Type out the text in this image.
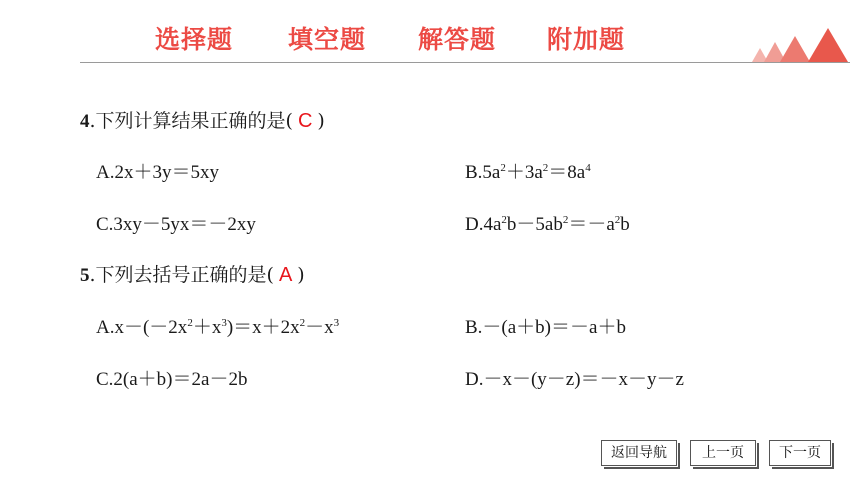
选择题 填空题 解答题 附加题
4.下列计算结果正确的是( C )
A.2x＋3y＝5xy	$B.5a^2+3a^2=8a^4$
C.3xy－5yx＝－2xy	$D.4a^2b-5ab^2=-a^2b$
5.下列去括号正确的是( A )
$A.x-(-2x^2+x^3)=x+2x^2-x^3$	B.－(a＋b)＝－a＋b
C.2(a＋b)＝2a－2b	D.－x－(y－z)＝－x－y－z
返回导航	上一页	下一页
